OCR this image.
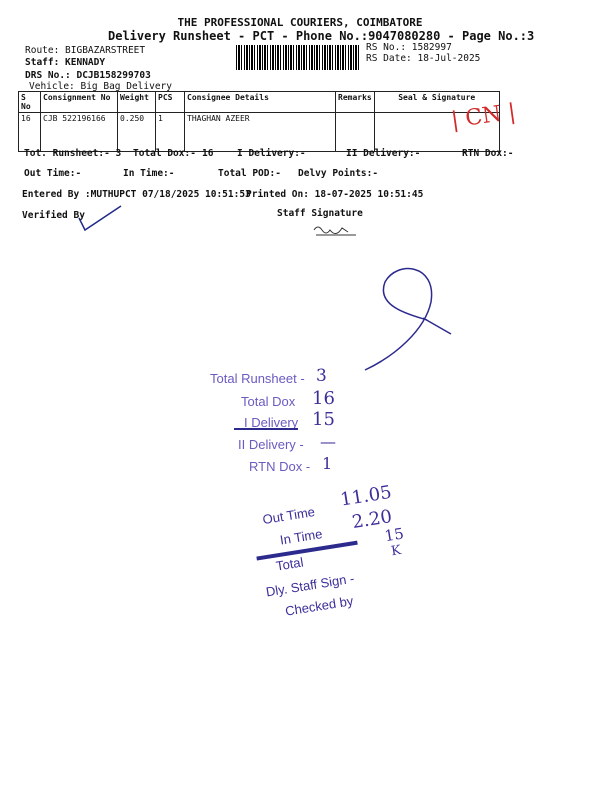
THE PROFESSIONAL COURIERS, COIMBATORE
Delivery Runsheet - PCT - Phone No.:9047080280 - Page No.:3
Route: BIGBAZARSTREET
Staff: KENNADY
DRS No.: DCJB158299703
Vehicle: Big Bag Delivery
RS No.: 1582997
RS Date: 18-Jul-2025
S No	Consignment No	Weight	PCS	Consignee Details	Remarks	Seal & Signature
16	CJB 522196166	0.250	1	THAGHAN AZEER			| CN |
Tot. Runsheet:- 3 Total Dox:- 16 I Delivery:-	II Delivery:-	RTN Dox:-
Out Time:-	In Time:-	Total POD:- Delvy Points:-
Entered By :MUTHUPCT 07/18/2025 10:51:53
Printed On: 18-07-2025 10:51:45
Verified By	Staff Signature
Total Runsheet - 3
Total Dox 16
I Delivery 15
II Delivery - —
RTN Dox - 1
Out Time
11.05
In Time
2.20
Total
15
K
Dly. Staff Sign -
Checked by
